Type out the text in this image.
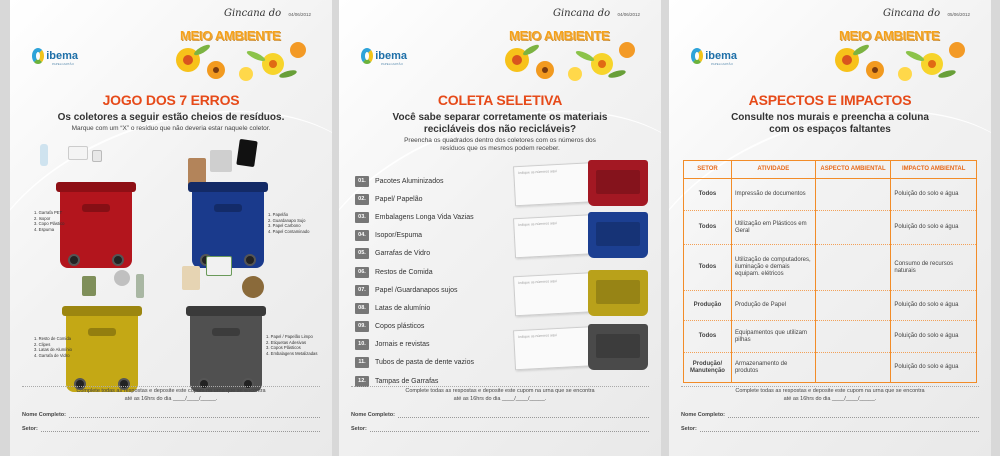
ibema
PAPELCARTÃO
Gincana do 04/06/2012
MEIO AMBIENTE
JOGO DOS 7 ERROS
Os coletores a seguir estão cheios de resíduos.
Marque com um “X” o resíduo que não deveria estar naquele coletor.
1. Garrafa PET
2. Isopor
3. Copo Plástico
4. Espuma
1. Papelão
2. Guardanapo Sujo
3. Papel Carbono
4. Papel Contaminado
1. Resto de Comida
2. Clipes
3. Latas de Alumínio
4. Garrafa de Vidro
1. Papel / Papelão Limpo
2. Etiquetas Adesivas
3. Copos Plásticos
4. Embalagens Metalizadas
Complete todas as respostas e deposite este cupom na urna que se encontra
até as 16hrs do dia ____/____/_____.
Nome Completo:
Setor:
ibema
PAPELCARTÃO
Gincana do 04/06/2012
MEIO AMBIENTE
COLETA SELETIVA
Você sabe separar corretamente os materiais recicláveis dos não recicláveis?
Preencha os quadrados dentro dos coletores com os números dos resíduos que os mesmos podem receber.
01.	Pacotes Aluminizados
02.	Papel/ Papelão
03.	Embalagens Longa Vida Vazias
04.	Isopor/Espuma
05.	Garrafas de Vidro
06.	Restos de Comida
07.	Papel /Guardanapos sujos
08.	Latas de alumínio
09.	Copos plásticos
10.	Jornais e revistas
11.	Tubos de pasta de dente vazios
12.	Tampas de Garrafas
Indique os números aqui
Indique os números aqui
Indique os números aqui
Indique os números aqui
Complete todas as respostas e deposite este cupom na urna que se encontra
até as 16hrs do dia ____/____/_____.
Nome Completo:
Setor:
ibema
PAPELCARTÃO
Gincana do 05/06/2012
MEIO AMBIENTE
ASPECTOS E IMPACTOS
Consulte nos murais e preencha a coluna com os espaços faltantes
SETOR	ATIVIDADE	ASPECTO AMBIENTAL	IMPACTO AMBIENTAL
Todos	Impressão de documentos		Poluição do solo e água
Todos	Utilização em Plásticos em Geral		Poluição do solo e água
Todos	Utilização de computadores, iluminação e demais equipam. elétricos		Consumo de recursos naturais
Produção	Produção de Papel		Poluição do solo e água
Todos	Equipamentos que utilizam pilhas		Poluição do solo e água
Produção/ Manutenção	Armazenamento de produtos		Poluição do solo e água
Complete todas as respostas e deposite este cupom na urna que se encontra
até as 16hrs do dia ____/____/_____.
Nome Completo:
Setor:
